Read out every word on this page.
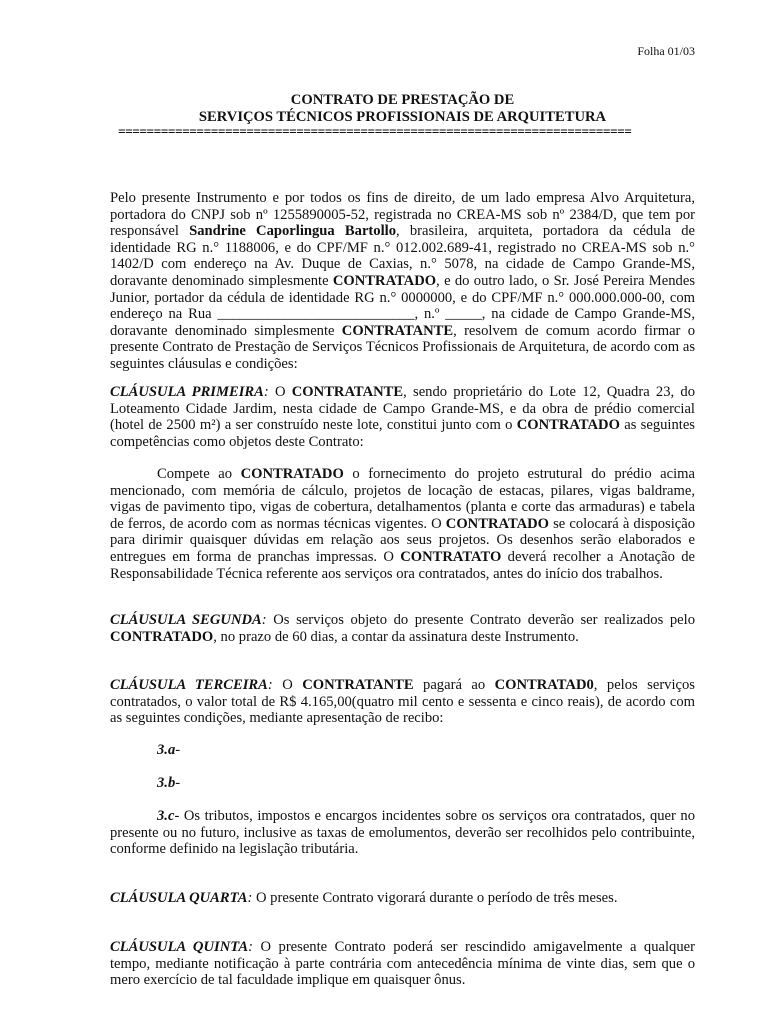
Folha 01/03
CONTRATO DE PRESTAÇÃO DE
SERVIÇOS TÉCNICOS PROFISSIONAIS DE ARQUITETURA
========================================================================

Pelo presente Instrumento e por todos os fins de direito, de um lado empresa Alvo Arquitetura, portadora do CNPJ sob nº 1255890005-52, registrada no CREA-MS sob nº 2384/D, que tem por responsável Sandrine Caporlingua Bartollo, brasileira, arquiteta, portadora da cédula de identidade RG n.° 1188006, e do CPF/MF n.° 012.002.689-41, registrado no CREA-MS sob n.° 1402/D com endereço na Av. Duque de Caxias, n.° 5078, na cidade de Campo Grande-MS, doravante denominado simplesmente CONTRATADO, e do outro lado, o Sr. José Pereira Mendes Junior, portador da cédula de identidade RG n.° 0000000, e do CPF/MF n.° 000.000.000-00, com endereço na Rua ___________________________, n.º _____, na cidade de Campo Grande-MS, doravante denominado simplesmente CONTRATANTE, resolvem de comum acordo firmar o presente Contrato de Prestação de Serviços Técnicos Profissionais de Arquitetura, de acordo com as seguintes cláusulas e condições:

CLÁUSULA PRIMEIRA: O CONTRATANTE, sendo proprietário do Lote 12, Quadra 23, do Loteamento Cidade Jardim, nesta cidade de Campo Grande-MS, e da obra de prédio comercial (hotel de 2500 m²) a ser construído neste lote, constitui junto com o CONTRATADO as seguintes competências como objetos deste Contrato:

Compete ao CONTRATADO o fornecimento do projeto estrutural do prédio acima mencionado, com memória de cálculo, projetos de locação de estacas, pilares, vigas baldrame, vigas de pavimento tipo, vigas de cobertura, detalhamentos (planta e corte das armaduras) e tabela de ferros, de acordo com as normas técnicas vigentes. O CONTRATADO se colocará à disposição para dirimir quaisquer dúvidas em relação aos seus projetos. Os desenhos serão elaborados e entregues em forma de pranchas impressas. O CONTRATATO deverá recolher a Anotação de Responsabilidade Técnica referente aos serviços ora contratados, antes do início dos trabalhos.

CLÁUSULA SEGUNDA: Os serviços objeto do presente Contrato deverão ser realizados pelo CONTRATADO, no prazo de 60 dias, a contar da assinatura deste Instrumento.

CLÁUSULA TERCEIRA: O CONTRATANTE pagará ao CONTRATAD0, pelos serviços contratados, o valor total de R$ 4.165,00(quatro mil cento e sessenta e cinco reais), de acordo com as seguintes condições, mediante apresentação de recibo:

3.a-

3.b-

3.c- Os tributos, impostos e encargos incidentes sobre os serviços ora contratados, quer no presente ou no futuro, inclusive as taxas de emolumentos, deverão ser recolhidos pelo contribuinte, conforme definido na legislação tributária.

CLÁUSULA QUARTA: O presente Contrato vigorará durante o período de três meses.

CLÁUSULA QUINTA: O presente Contrato poderá ser rescindido amigavelmente a qualquer tempo, mediante notificação à parte contrária com antecedência mínima de vinte dias, sem que o mero exercício de tal faculdade implique em quaisquer ônus.
